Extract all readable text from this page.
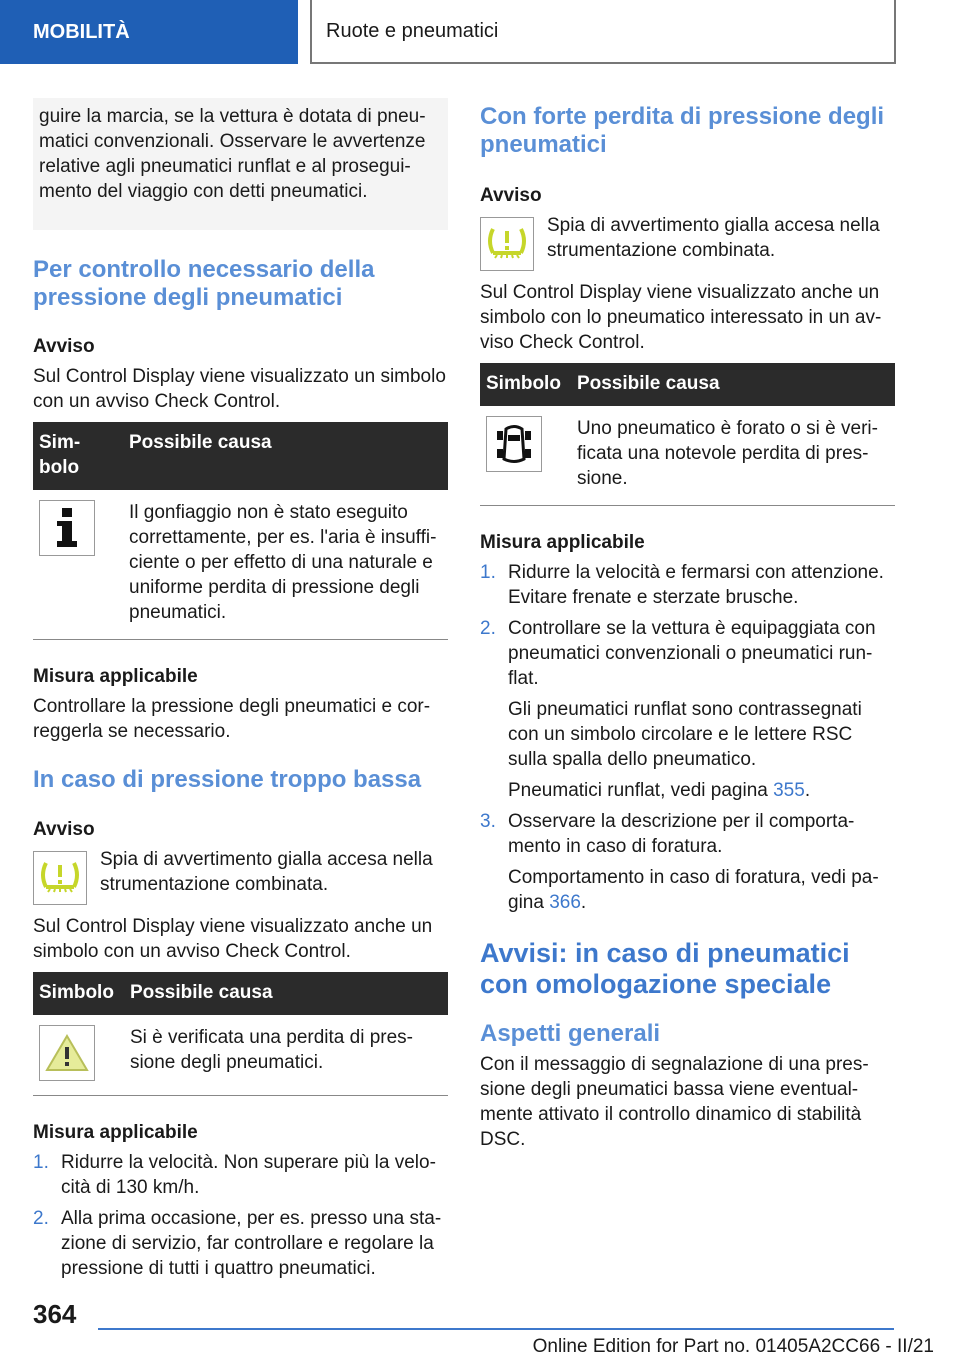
MOBILITÀ	Ruote e pneumatici

guire la marcia, se la vettura è dotata di pneu-matici convenzionali. Osservare le avvertenze relative agli pneumatici runflat e al prosegui-mento del viaggio con detti pneumatici.

Per controllo necessario della pressione degli pneumatici

Avviso

Sul Control Display viene visualizzato un simbolo con un avviso Check Control.

Sim-bolo	Possibile causa

	Il gonfiaggio non è stato eseguito correttamente, per es. l'aria è insuffi-ciente o per effetto di una naturale e uniforme perdita di pressione degli pneumatici.

Misura applicabile

Controllare la pressione degli pneumatici e cor-reggerla se necessario.

In caso di pressione troppo bassa

Avviso

Spia di avvertimento gialla accesa nella strumentazione combinata.

Sul Control Display viene visualizzato anche un simbolo con un avviso Check Control.

Simbolo	Possibile causa

	Si è verificata una perdita di pres-sione degli pneumatici.

Misura applicabile

1. Ridurre la velocità. Non superare più la velo-cità di 130 km/h.
2. Alla prima occasione, per es. presso una sta-zione di servizio, far controllare e regolare la pressione di tutti i quattro pneumatici.

Con forte perdita di pressione degli pneumatici

Avviso

Spia di avvertimento gialla accesa nella strumentazione combinata.

Sul Control Display viene visualizzato anche un simbolo con lo pneumatico interessato in un av-viso Check Control.

Simbolo	Possibile causa

	Uno pneumatico è forato o si è veri-ficata una notevole perdita di pres-sione.

Misura applicabile

1. Ridurre la velocità e fermarsi con attenzione. Evitare frenate e sterzate brusche.
2. Controllare se la vettura è equipaggiata con pneumatici convenzionali o pneumatici run-flat.

Gli pneumatici runflat sono contrassegnati con un simbolo circolare e le lettere RSC sulla spalla dello pneumatico.

Pneumatici runflat, vedi pagina 355.

3. Osservare la descrizione per il comporta-mento in caso di foratura.

Comportamento in caso di foratura, vedi pa-gina 366.

Avvisi: in caso di pneumatici con omologazione speciale

Aspetti generali

Con il messaggio di segnalazione di una pres-sione degli pneumatici bassa viene eventual-mente attivato il controllo dinamico di stabilità DSC.

364
Online Edition for Part no. 01405A2CC66 - II/21
